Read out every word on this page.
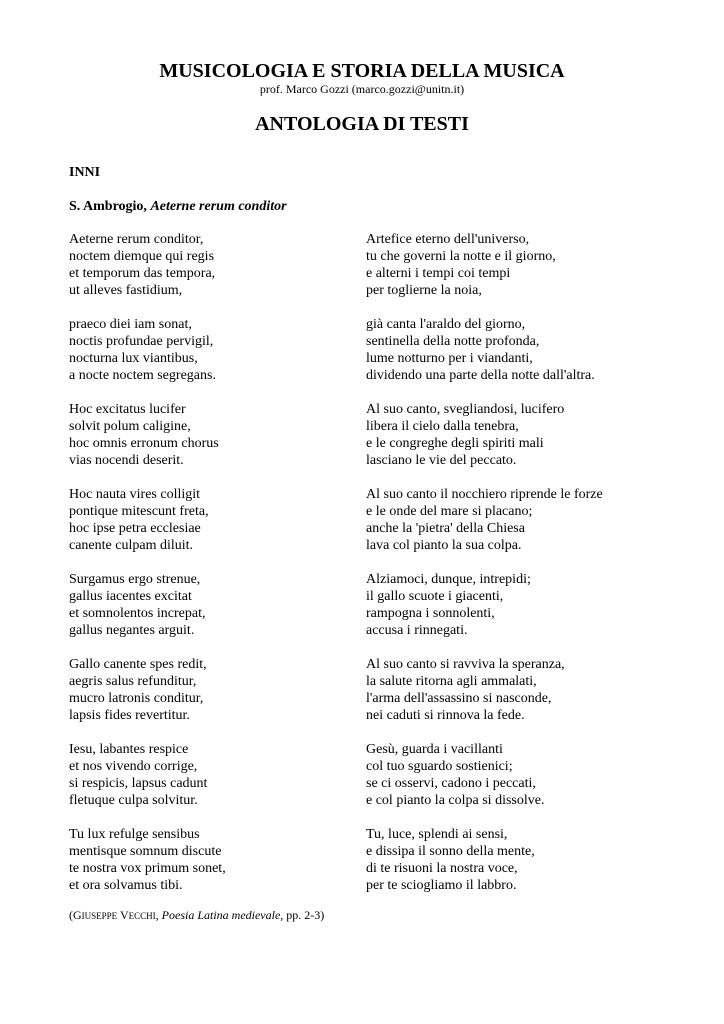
MUSICOLOGIA E STORIA DELLA MUSICA

prof. Marco Gozzi (marco.gozzi@unitn.it)

ANTOLOGIA DI TESTI

INNI

S. Ambrogio, Aeterne rerum conditor

Aeterne rerum conditor,
noctem diemque qui regis
et temporum das tempora,
ut alleves fastidium,
praeco diei iam sonat,
noctis profundae pervigil,
nocturna lux viantibus,
a nocte noctem segregans.
Hoc excitatus lucifer
solvit polum caligine,
hoc omnis erronum chorus
vias nocendi deserit.
Hoc nauta vires colligit
pontique mitescunt freta,
hoc ipse petra ecclesiae
canente culpam diluit.
Surgamus ergo strenue,
gallus iacentes excitat
et somnolentos increpat,
gallus negantes arguit.
Gallo canente spes redit,
aegris salus refunditur,
mucro latronis conditur,
lapsis fides revertitur.
Iesu, labantes respice
et nos vivendo corrige,
si respicis, lapsus cadunt
fletuque culpa solvitur.
Tu lux refulge sensibus
mentisque somnum discute
te nostra vox primum sonet,
et ora solvamus tibi.
Artefice eterno dell'universo,
tu che governi la notte e il giorno,
e alterni i tempi coi tempi
per toglierne la noia,
già canta l'araldo del giorno,
sentinella della notte profonda,
lume notturno per i viandanti,
dividendo una parte della notte dall'altra.
Al suo canto, svegliandosi, lucifero
libera il cielo dalla tenebra,
e le congreghe degli spiriti mali
lasciano le vie del peccato.
Al suo canto il nocchiero riprende le forze
e le onde del mare si placano;
anche la 'pietra' della Chiesa
lava col pianto la sua colpa.
Alziamoci, dunque, intrepidi;
il gallo scuote i giacenti,
rampogna i sonnolenti,
accusa i rinnegati.
Al suo canto si ravviva la speranza,
la salute ritorna agli ammalati,
l'arma dell'assassino si nasconde,
nei caduti si rinnova la fede.
Gesù, guarda i vacillanti
col tuo sguardo sostienici;
se ci osservi, cadono i peccati,
e col pianto la colpa si dissolve.
Tu, luce, splendi ai sensi,
e dissipa il sonno della mente,
di te risuoni la nostra voce,
per te sciogliamo il labbro.

(GIUSEPPE VECCHI, Poesia Latina medievale, pp. 2-3)
